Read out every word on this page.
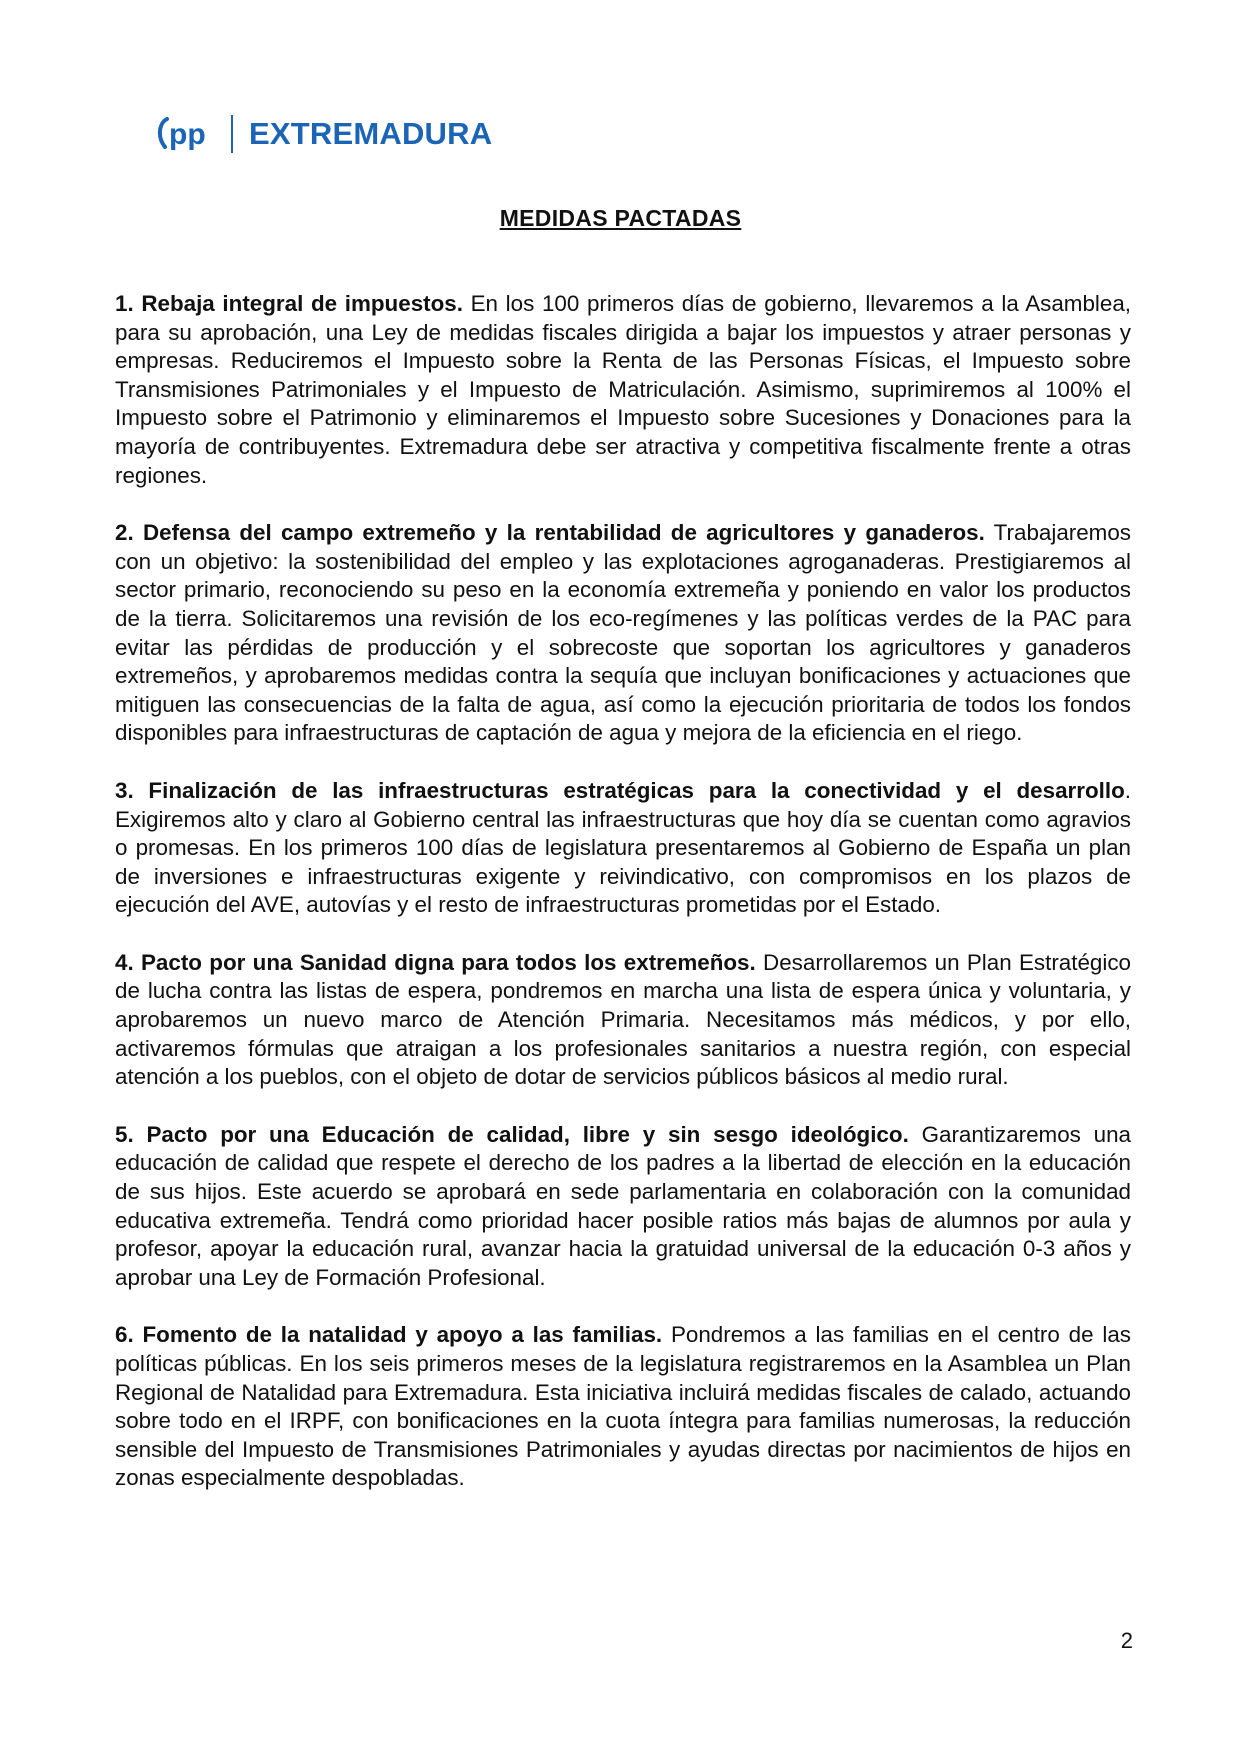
pp EXTREMADURA
MEDIDAS PACTADAS

1. Rebaja integral de impuestos. En los 100 primeros días de gobierno, llevaremos a la Asamblea, para su aprobación, una Ley de medidas fiscales dirigida a bajar los impuestos y atraer personas y empresas. Reduciremos el Impuesto sobre la Renta de las Personas Físicas, el Impuesto sobre Transmisiones Patrimoniales y el Impuesto de Matriculación. Asimismo, suprimiremos al 100% el Impuesto sobre el Patrimonio y eliminaremos el Impuesto sobre Sucesiones y Donaciones para la mayoría de contribuyentes. Extremadura debe ser atractiva y competitiva fiscalmente frente a otras regiones.

2. Defensa del campo extremeño y la rentabilidad de agricultores y ganaderos. Trabajaremos con un objetivo: la sostenibilidad del empleo y las explotaciones agroganaderas. Prestigiaremos al sector primario, reconociendo su peso en la economía extremeña y poniendo en valor los productos de la tierra. Solicitaremos una revisión de los eco-regímenes y las políticas verdes de la PAC para evitar las pérdidas de producción y el sobrecoste que soportan los agricultores y ganaderos extremeños, y aprobaremos medidas contra la sequía que incluyan bonificaciones y actuaciones que mitiguen las consecuencias de la falta de agua, así como la ejecución prioritaria de todos los fondos disponibles para infraestructuras de captación de agua y mejora de la eficiencia en el riego.

3. Finalización de las infraestructuras estratégicas para la conectividad y el desarrollo. Exigiremos alto y claro al Gobierno central las infraestructuras que hoy día se cuentan como agravios o promesas. En los primeros 100 días de legislatura presentaremos al Gobierno de España un plan de inversiones e infraestructuras exigente y reivindicativo, con compromisos en los plazos de ejecución del AVE, autovías y el resto de infraestructuras prometidas por el Estado.

4. Pacto por una Sanidad digna para todos los extremeños. Desarrollaremos un Plan Estratégico de lucha contra las listas de espera, pondremos en marcha una lista de espera única y voluntaria, y aprobaremos un nuevo marco de Atención Primaria. Necesitamos más médicos, y por ello, activaremos fórmulas que atraigan a los profesionales sanitarios a nuestra región, con especial atención a los pueblos, con el objeto de dotar de servicios públicos básicos al medio rural.

5. Pacto por una Educación de calidad, libre y sin sesgo ideológico. Garantizaremos una educación de calidad que respete el derecho de los padres a la libertad de elección en la educación de sus hijos. Este acuerdo se aprobará en sede parlamentaria en colaboración con la comunidad educativa extremeña. Tendrá como prioridad hacer posible ratios más bajas de alumnos por aula y profesor, apoyar la educación rural, avanzar hacia la gratuidad universal de la educación 0-3 años y aprobar una Ley de Formación Profesional.

6. Fomento de la natalidad y apoyo a las familias. Pondremos a las familias en el centro de las políticas públicas. En los seis primeros meses de la legislatura registraremos en la Asamblea un Plan Regional de Natalidad para Extremadura. Esta iniciativa incluirá medidas fiscales de calado, actuando sobre todo en el IRPF, con bonificaciones en la cuota íntegra para familias numerosas, la reducción sensible del Impuesto de Transmisiones Patrimoniales y ayudas directas por nacimientos de hijos en zonas especialmente despobladas.

2
